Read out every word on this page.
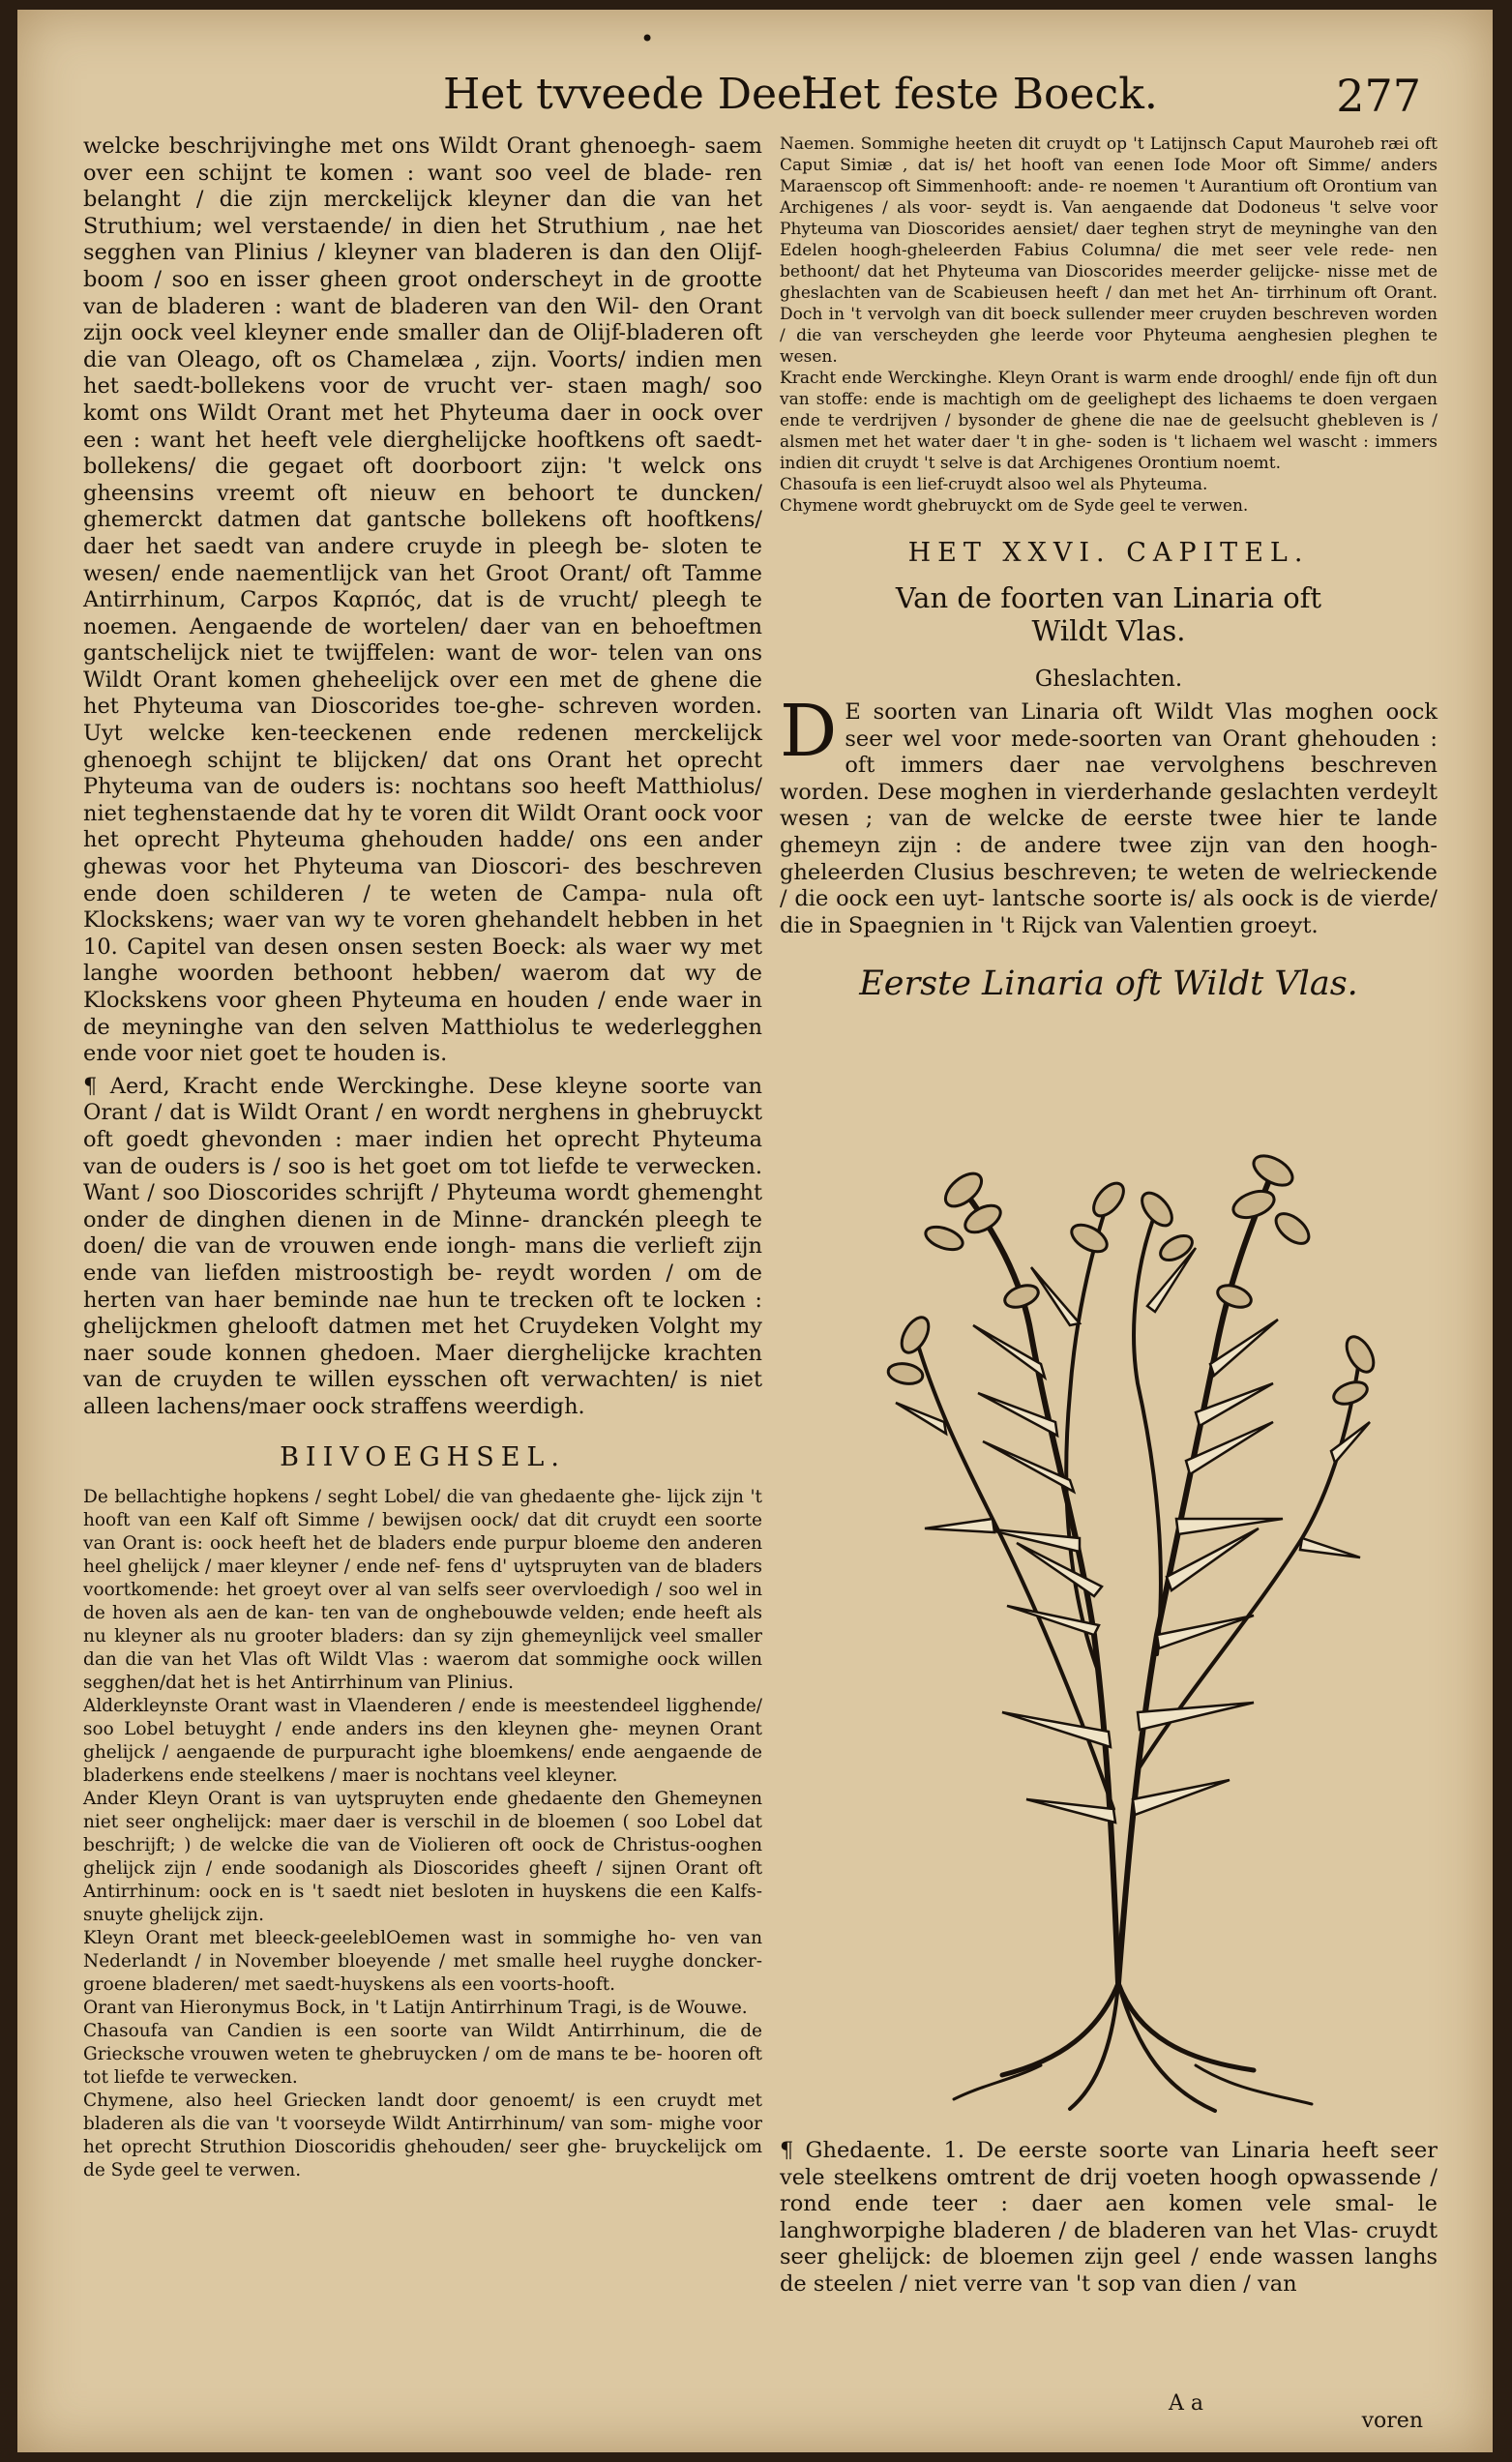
•
Het tvveede Deel.
Het feste Boeck.	277

welcke beschrijvinghe met ons Wildt Orant ghenoegh- saem over een schijnt te komen : want soo veel de blade- ren belanght / die zijn merckelijck kleyner dan die van het Struthium; wel verstaende/ in dien het Struthium , nae het segghen van Plinius / kleyner van bladeren is dan den Olijf-boom / soo en isser gheen groot onderscheyt in de grootte van de bladeren : want de bladeren van den Wil- den Orant zijn oock veel kleyner ende smaller dan de Olijf-bladeren oft die van Oleago, oft os Chamelæa , zijn. Voorts/ indien men het saedt-bollekens voor de vrucht ver- staen magh/ soo komt ons Wildt Orant met het Phyteuma daer in oock over een : want het heeft vele dierghelijcke hooftkens oft saedt-bollekens/ die gegaet oft doorboort zijn: 't welck ons gheensins vreemt oft nieuw en behoort te duncken/ ghemerckt datmen dat gantsche bollekens oft hooftkens/ daer het saedt van andere cruyde in pleegh be- sloten te wesen/ ende naementlijck van het Groot Orant/ oft Tamme Antirrhinum, Carpos Καρπός, dat is de vrucht/ pleegh te noemen. Aengaende de wortelen/ daer van en behoeftmen gantschelijck niet te twijffelen: want de wor- telen van ons Wildt Orant komen gheheelijck over een met de ghene die het Phyteuma van Dioscorides toe-ghe- schreven worden. Uyt welcke ken-teeckenen ende redenen merckelijck ghenoegh schijnt te blijcken/ dat ons Orant het oprecht Phyteuma van de ouders is: nochtans soo heeft Matthiolus/ niet teghenstaende dat hy te voren dit Wildt Orant oock voor het oprecht Phyteuma ghehouden hadde/ ons een ander ghewas voor het Phyteuma van Dioscori- des beschreven ende doen schilderen / te weten de Campa- nula oft Klockskens; waer van wy te voren ghehandelt hebben in het 10. Capitel van desen onsen sesten Boeck: als waer wy met langhe woorden bethoont hebben/ waerom dat wy de Klockskens voor gheen Phyteuma en houden / ende waer in de meyninghe van den selven Matthiolus te wederlegghen ende voor niet goet te houden is.

¶ Aerd, Kracht ende Werckinghe. Dese kleyne soorte van Orant / dat is Wildt Orant / en wordt nerghens in ghebruyckt oft goedt ghevonden : maer indien het oprecht Phyteuma van de ouders is / soo is het goet om tot liefde te verwecken. Want / soo Dioscorides schrijft / Phyteuma wordt ghemenght onder de dinghen dienen in de Minne- dranckén pleegh te doen/ die van de vrouwen ende iongh- mans die verlieft zijn ende van liefden mistroostigh be- reydt worden / om de herten van haer beminde nae hun te trecken oft te locken : ghelijckmen ghelooft datmen met het Cruydeken Volght my naer soude konnen ghedoen. Maer dierghelijcke krachten van de cruyden te willen eysschen oft verwachten/ is niet alleen lachens/maer oock straffens weerdigh.

BIIVOEGHSEL.

De bellachtighe hopkens / seght Lobel/ die van ghedaente ghe- lijck zijn 't hooft van een Kalf oft Simme / bewijsen oock/ dat dit cruydt een soorte van Orant is: oock heeft het de bladers ende purpur bloeme den anderen heel ghelijck / maer kleyner / ende nef- fens d' uytspruyten van de bladers voortkomende: het groeyt over al van selfs seer overvloedigh / soo wel in de hoven als aen de kan- ten van de onghebouwde velden; ende heeft als nu kleyner als nu grooter bladers: dan sy zijn ghemeynlijck veel smaller dan die van het Vlas oft Wildt Vlas : waerom dat sommighe oock willen segghen/dat het is het Antirrhinum van Plinius.

Alderkleynste Orant wast in Vlaenderen / ende is meestendeel ligghende/ soo Lobel betuyght / ende anders ins den kleynen ghe- meynen Orant ghelijck / aengaende de purpuracht ighe bloemkens/ ende aengaende de bladerkens ende steelkens / maer is nochtans veel kleyner.

Ander Kleyn Orant is van uytspruyten ende ghedaente den Ghemeynen niet seer onghelijck: maer daer is verschil in de bloemen ( soo Lobel dat beschrijft; ) de welcke die van de Violieren oft oock de Christus-ooghen ghelijck zijn / ende soodanigh als Dioscorides gheeft / sijnen Orant oft Antirrhinum: oock en is 't saedt niet besloten in huyskens die een Kalfs-snuyte ghelijck zijn.

Kleyn Orant met bleeck-geeleblOemen wast in sommighe ho- ven van Nederlandt / in November bloeyende / met smalle heel ruyghe doncker-groene bladeren/ met saedt-huyskens als een voorts-hooft.

Orant van Hieronymus Bock, in 't Latijn Antirrhinum Tragi, is de Wouwe.

Chasoufa van Candien is een soorte van Wildt Antirrhinum, die de Griecksche vrouwen weten te ghebruycken / om de mans te be- hooren oft tot liefde te verwecken.

Chymene, also heel Griecken landt door genoemt/ is een cruydt met bladeren als die van 't voorseyde Wildt Antirrhinum/ van som- mighe voor het oprecht Struthion Dioscoridis ghehouden/ seer ghe- bruyckelijck om de Syde geel te verwen.

Naemen. Sommighe heeten dit cruydt op 't Latijnsch Caput Mauroheb ræi oft Caput Simiæ , dat is/ het hooft van eenen Iode Moor oft Simme/ anders Maraenscop oft Simmenhooft: ande- re noemen 't Aurantium oft Orontium van Archigenes / als voor- seydt is. Van aengaende dat Dodoneus 't selve voor Phyteuma van Dioscorides aensiet/ daer teghen stryt de meyninghe van den Edelen hoogh-gheleerden Fabius Columna/ die met seer vele rede- nen bethoont/ dat het Phyteuma van Dioscorides meerder gelijcke- nisse met de gheslachten van de Scabieusen heeft / dan met het An- tirrhinum oft Orant. Doch in 't vervolgh van dit boeck sullender meer cruyden beschreven worden / die van verscheyden ghe leerde voor Phyteuma aenghesien pleghen te wesen.

Kracht ende Werckinghe. Kleyn Orant is warm ende drooghl/ ende fijn oft dun van stoffe: ende is machtigh om de geelighept des lichaems te doen vergaen ende te verdrijven / bysonder de ghene die nae de geelsucht ghebleven is / alsmen met het water daer 't in ghe- soden is 't lichaem wel wascht : immers indien dit cruydt 't selve is dat Archigenes Orontium noemt.

Chasoufa is een lief-cruydt alsoo wel als Phyteuma.

Chymene wordt ghebruyckt om de Syde geel te verwen.

HET XXVI. CAPITEL.
Van de foorten van Linaria oft
Wildt Vlas.
Gheslachten.

D E soorten van Linaria oft Wildt Vlas moghen oock seer wel voor mede-soorten van Orant ghehouden : oft immers daer nae vervolghens beschreven worden. Dese moghen in vierderhande geslachten verdeylt wesen ; van de welcke de eerste twee hier te lande ghemeyn zijn : de andere twee zijn van den hoogh-gheleerden Clusius beschreven; te weten de welrieckende / die oock een uyt- lantsche soorte is/ als oock is de vierde/ die in Spaegnien in 't Rijck van Valentien groeyt.

Eerste Linaria oft Wildt Vlas.

¶ Ghedaente. 1. De eerste soorte van Linaria heeft seer vele steelkens omtrent de drij voeten hoogh opwassende / rond ende teer : daer aen komen vele smal- le langhworpighe bladeren / de bladeren van het Vlas- cruydt seer ghelijck: de bloemen zijn geel / ende wassen langhs de steelen / niet verre van 't sop van dien / van

A a
voren
